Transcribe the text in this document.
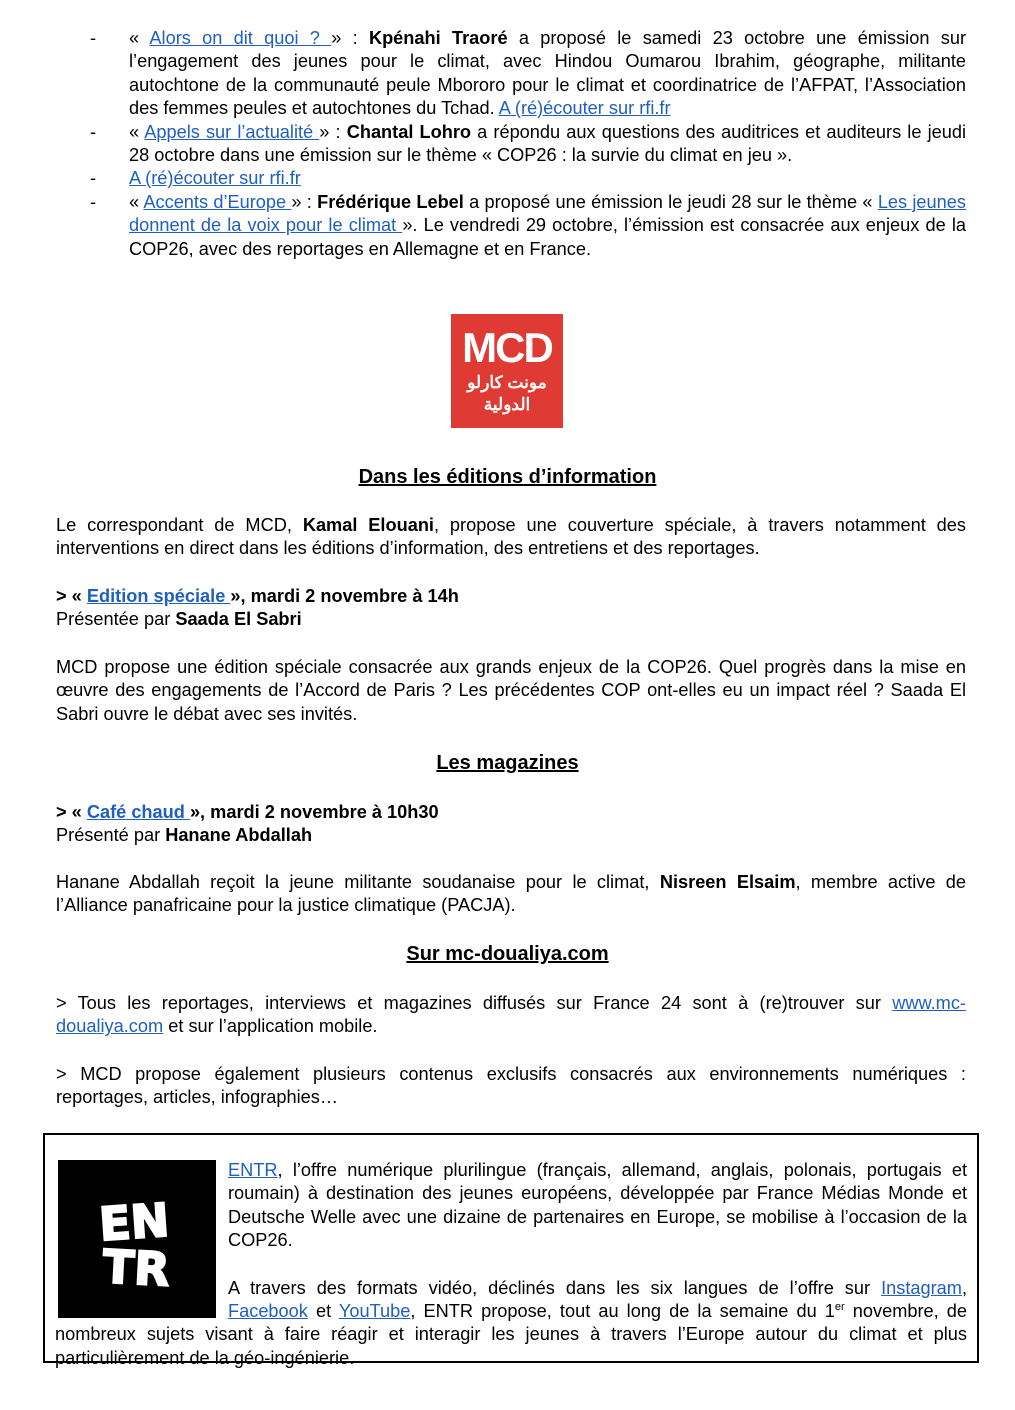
- « Alors on dit quoi ? » : Kpénahi Traoré a proposé le samedi 23 octobre une émission sur l’engagement des jeunes pour le climat, avec Hindou Oumarou Ibrahim, géographe, militante autochtone de la communauté peule Mbororo pour le climat et coordinatrice de l’AFPAT, l’Association des femmes peules et autochtones du Tchad. A (ré)écouter sur rfi.fr
- « Appels sur l’actualité » : Chantal Lohro a répondu aux questions des auditrices et auditeurs le jeudi 28 octobre dans une émission sur le thème « COP26 : la survie du climat en jeu ».
- A (ré)écouter sur rfi.fr
- « Accents d’Europe » : Frédérique Lebel a proposé une émission le jeudi 28 sur le thème « Les jeunes donnent de la voix pour le climat ». Le vendredi 29 octobre, l’émission est consacrée aux enjeux de la COP26, avec des reportages en Allemagne et en France.
MCD
مونت كارلو
الدولية
Dans les éditions d’information
Le correspondant de MCD, Kamal Elouani, propose une couverture spéciale, à travers notamment des interventions en direct dans les éditions d’information, des entretiens et des reportages.
> « Edition spéciale », mardi 2 novembre à 14h
Présentée par Saada El Sabri
MCD propose une édition spéciale consacrée aux grands enjeux de la COP26. Quel progrès dans la mise en œuvre des engagements de l’Accord de Paris ? Les précédentes COP ont-elles eu un impact réel ? Saada El Sabri ouvre le débat avec ses invités.
Les magazines
> « Café chaud », mardi 2 novembre à 10h30
Présenté par Hanane Abdallah
Hanane Abdallah reçoit la jeune militante soudanaise pour le climat, Nisreen Elsaim, membre active de l’Alliance panafricaine pour la justice climatique (PACJA).
Sur mc-doualiya.com
> Tous les reportages, interviews et magazines diffusés sur France 24 sont à (re)trouver sur www.mc-doualiya.com et sur l’application mobile.
> MCD propose également plusieurs contenus exclusifs consacrés aux environnements numériques : reportages, articles, infographies…
EN
TR
ENTR, l’offre numérique plurilingue (français, allemand, anglais, polonais, portugais et roumain) à destination des jeunes européens, développée par France Médias Monde et Deutsche Welle avec une dizaine de partenaires en Europe, se mobilise à l’occasion de la COP26.
A travers des formats vidéo, déclinés dans les six langues de l’offre sur Instagram, Facebook et YouTube, ENTR propose, tout au long de la semaine du 1er novembre, de nombreux sujets visant à faire réagir et interagir les jeunes à travers l’Europe autour du climat et plus particulièrement de la géo-ingénierie.
